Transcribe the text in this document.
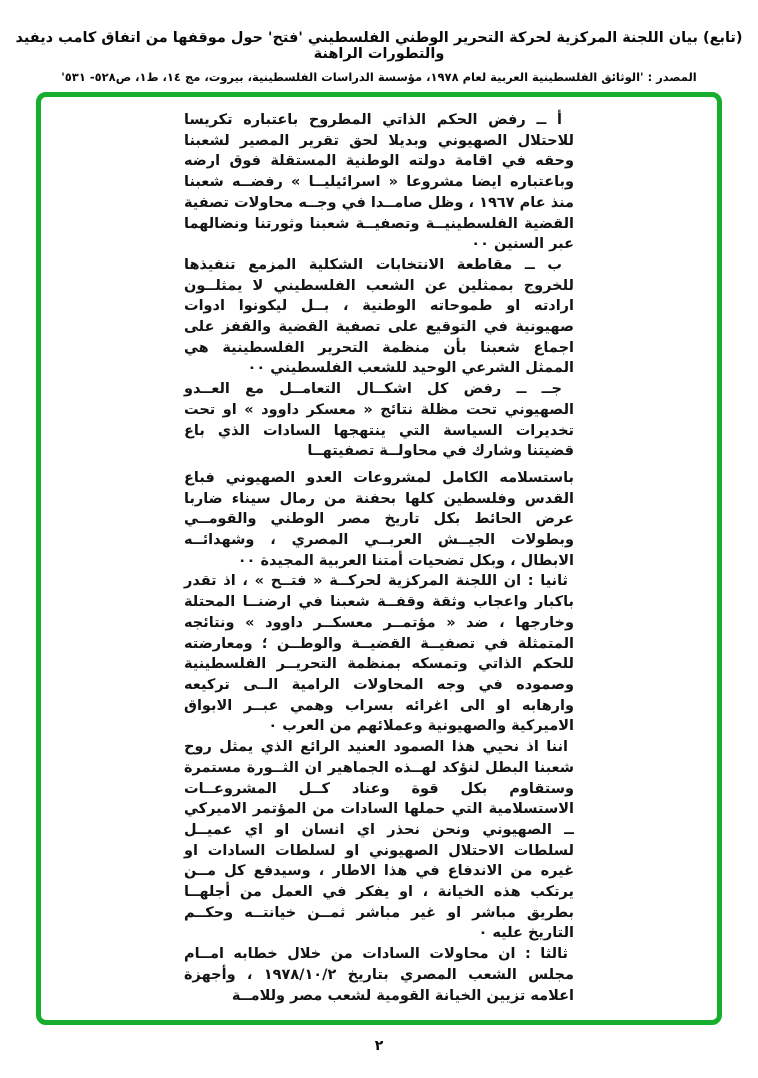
(تابع) بيان اللجنة المركزية لحركة التحرير الوطني الفلسطيني 'فتح' حول موقفها من اتفاق كامب ديفيد والتطورات الراهنة
المصدر : 'الوثائق الفلسطينية العربية لعام ١٩٧٨، مؤسسة الدراسات الفلسطينية، بيروت، مج ١٤، ط١، ص٥٢٨- ٥٣١'

أ ــ رفض الحكم الذاتي المطروح باعتباره تكريسا للاحتلال الصهيوني وبديلا لحق تقرير المصير لشعبنا وحقه في اقامة دولته الوطنية المستقلة فوق ارضه وباعتباره ايضا مشروعا « اسرائيليــا » رفضــه شعبنا منذ عام ١٩٦٧ ، وظل صامــدا في وجــه محاولات تصفية القضية الفلسطينيــة وتصفيــة شعبنا وثورتنا ونضالهما عبر السنين ٠٠

ب ــ مقاطعة الانتخابات الشكلية المزمع تنفيذها للخروج بممثلين عن الشعب الفلسطيني لا يمثلــون ارادته او طموحاته الوطنية ، بــل ليكونوا ادوات صهيونية في التوقيع على تصفية القضية والقفز على اجماع شعبنا بأن منظمة التحرير الفلسطينية هي الممثل الشرعي الوحيد للشعب الفلسطيني ٠٠

جــ ــ رفض كل اشكــال التعامــل مع العــدو الصهيوني تحت مظلة نتائج « معسكر داوود » او تحت تخديرات السياسة التي ينتهجها السادات الذي باع قضيتنا وشارك في محاولــة تصفيتهــا

باستسلامه الكامل لمشروعات العدو الصهيوني فباع القدس وفلسطين كلها بحفنة من رمال سيناء ضاربا عرض الحائط بكل تاريخ مصر الوطني والقومــي وبطولات الجيــش العربــي المصري ، وشهدائــه الابطال ، وبكل تضحيات أمتنا العربية المجيدة ٠٠

ثانيا : ان اللجنة المركزية لحركــة « فتــح » ، اذ تقدر باكبار واعجاب وثقة وقفــة شعبنا في ارضنــا المحتلة وخارجها ، ضد « مؤتمــر معسكــر داوود » ونتائجه المتمثلة في تصفيــة القضيــة والوطــن ؛ ومعارضته للحكم الذاتي وتمسكه بمنظمة التحريــر الفلسطينية وصموده في وجه المحاولات الرامية الــى تركيعه وارهابه او الى اغرائه بسراب وهمي عبــر الابواق الاميركية والصهيونية وعملائهم من العرب ٠

اننا اذ نحيي هذا الصمود العنيد الرائع الذي يمثل روح شعبنا البطل لنؤكد لهــذه الجماهير ان الثــورة مستمرة وستقاوم بكل قوة وعناد كــل المشروعــات الاستسلامية التي حملها السادات من المؤتمر الاميركي ــ الصهيوني ونحن نحذر اي انسان او اي عميــل لسلطات الاحتلال الصهيوني او لسلطات السادات او غيره من الاندفاع في هذا الاطار ، وسيدفع كل مــن يرتكب هذه الخيانة ، او يفكر في العمل من أجلهــا بطريق مباشر او غير مباشر ثمــن خيانتــه وحكــم التاريخ عليه ٠

ثالثا : ان محاولات السادات من خلال خطابه امــام مجلس الشعب المصري بتاريخ ١٩٧٨/١٠/٢ ، وأجهزة اعلامه تزيين الخيانة القومية لشعب مصر وللامــة

٢
